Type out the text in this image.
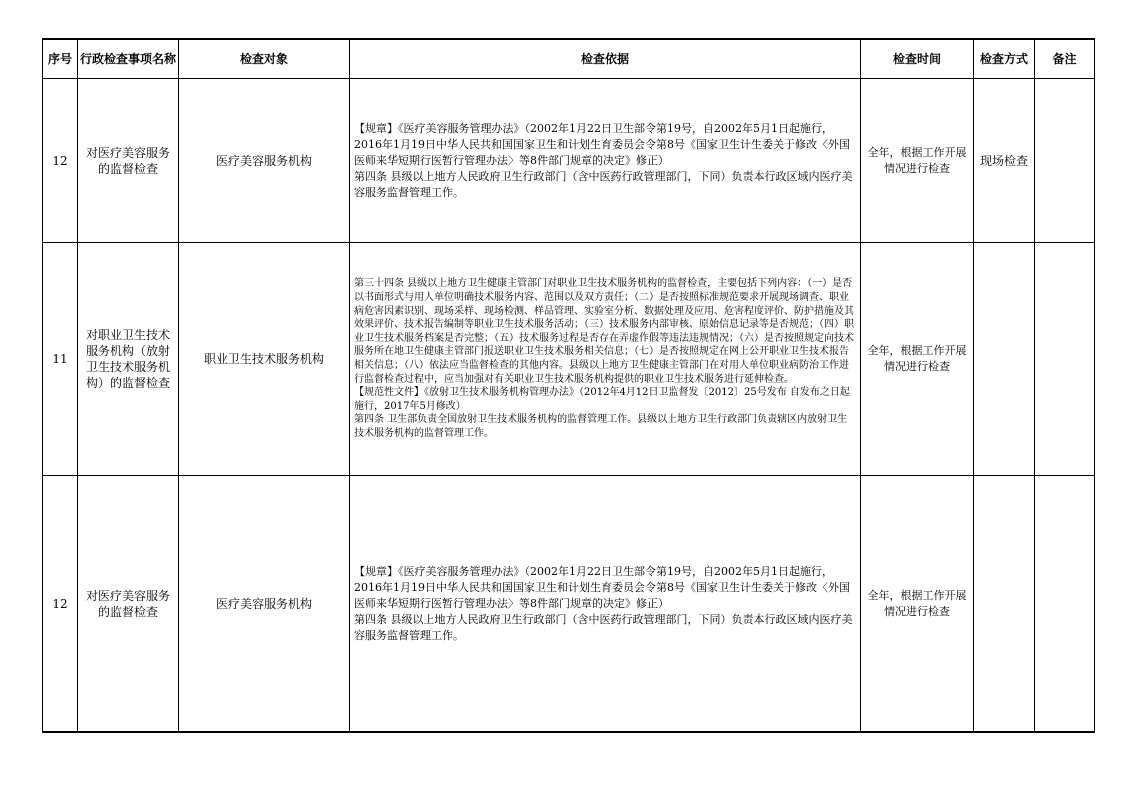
序号	行政检查事项名称	检查对象	检查依据	检查时间	检查方式	备注

12	对医疗美容服务的监督检查	医疗美容服务机构	【规章】《医疗美容服务管理办法》（2002年1月22日卫生部令第19号，自2002年5月1日起施行，2016年1月19日中华人民共和国国家卫生和计划生育委员会令第8号《国家卫生计生委关于修改〈外国医师来华短期行医暂行管理办法〉等8件部门规章的决定》修正）

第四条 县级以上地方人民政府卫生行政部门（含中医药行政管理部门，下同）负责本行政区域内医疗美容服务监督管理工作。	全年，根据工作开展情况进行检查	现场检查	

11	对职业卫生技术服务机构（放射卫生技术服务机构）的监督检查	职业卫生技术服务机构	第三十四条 县级以上地方卫生健康主管部门对职业卫生技术服务机构的监督检查，主要包括下列内容：（一）是否以书面形式与用人单位明确技术服务内容、范围以及双方责任；（二）是否按照标准规范要求开展现场调查、职业病危害因素识别、现场采样、现场检测、样品管理、实验室分析、数据处理及应用、危害程度评价、防护措施及其效果评价、技术报告编制等职业卫生技术服务活动；（三）技术服务内部审核、原始信息记录等是否规范；（四）职业卫生技术服务档案是否完整；（五）技术服务过程是否存在弄虚作假等违法违规情况；（六）是否按照规定向技术服务所在地卫生健康主管部门报送职业卫生技术服务相关信息；（七）是否按照规定在网上公开职业卫生技术报告相关信息；（八）依法应当监督检查的其他内容。县级以上地方卫生健康主管部门在对用人单位职业病防治工作进行监督检查过程中，应当加强对有关职业卫生技术服务机构提供的职业卫生技术服务进行延伸检查。

【规范性文件】《放射卫生技术服务机构管理办法》（2012年4月12日卫监督发〔2012〕25号发布 自发布之日起施行，2017年5月修改）

第四条 卫生部负责全国放射卫生技术服务机构的监督管理工作。县级以上地方卫生行政部门负责辖区内放射卫生技术服务机构的监督管理工作。	全年，根据工作开展情况进行检查		

12	对医疗美容服务的监督检查	医疗美容服务机构	【规章】《医疗美容服务管理办法》（2002年1月22日卫生部令第19号，自2002年5月1日起施行，2016年1月19日中华人民共和国国家卫生和计划生育委员会令第8号《国家卫生计生委关于修改〈外国医师来华短期行医暂行管理办法〉等8件部门规章的决定》修正）

第四条 县级以上地方人民政府卫生行政部门（含中医药行政管理部门，下同）负责本行政区域内医疗美容服务监督管理工作。	全年，根据工作开展情况进行检查		
